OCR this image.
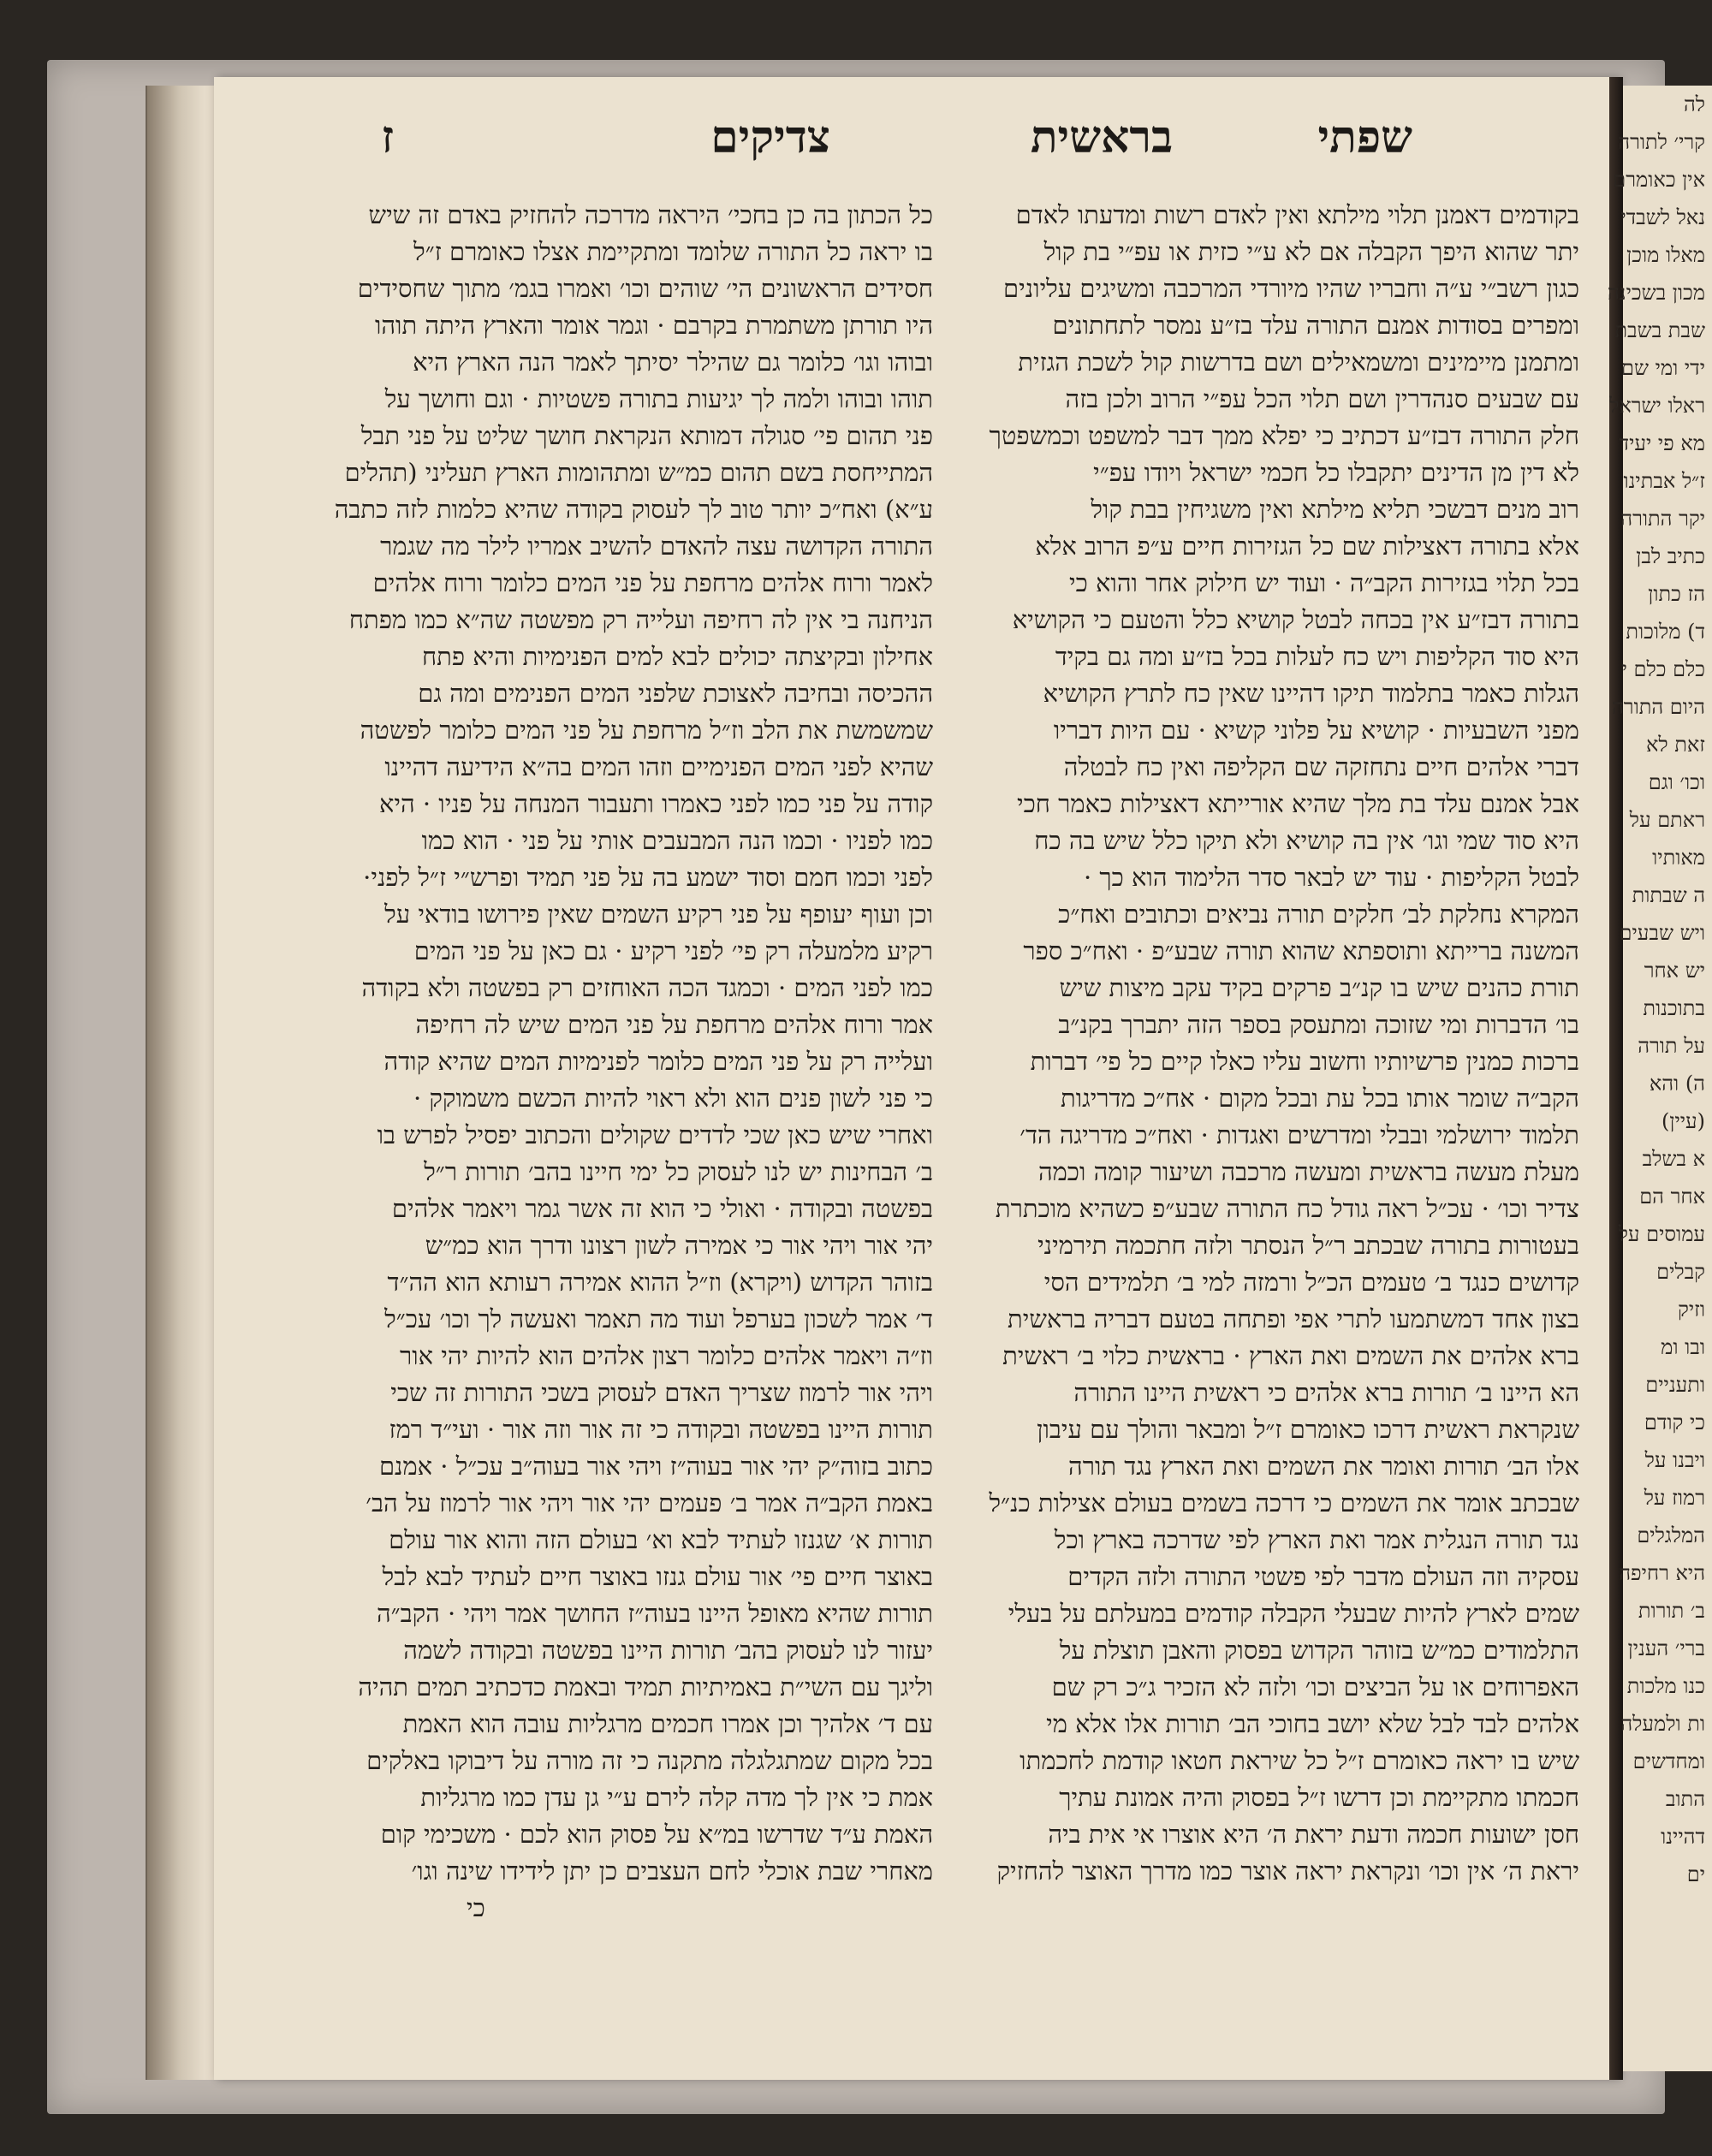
שפתי
בראשית
צדיקים
ז
בקודמים דאמנן תלוי מילתא ואין לאדם רשות ומדעתו לאדם
יתר שהוא היפך הקבלה אם לא ע״י כזית או עפ״י בת קול
כגון רשב״י ע״ה וחבריו שהיו מיורדי המרכבה ומשיגים עליונים
ומפרים בסודות אמנם התורה עלד בז״ע נמסר לתחתונים
ומתמנן מיימינים ומשמאילים ושם בדרשות קול לשכת הגזית
עם שבעים סנהדרין ושם תלוי הכל עפ״י הרוב ולכן בזה
חלק התורה דבז״ע דכתיב כי יפלא ממך דבר למשפט וכמשפטך
לא דין מן הדינים יתקבלו כל חכמי ישראל ויודו עפ״י
רוב מנים דבשכי תליא מילתא ואין משגיחין בבת קול
אלא בתורה דאצילות שם כל הגזירות חיים ע״פ הרוב אלא
בכל תלוי בגזירות הקב״ה · ועוד יש חילוק אחר והוא כי
בתורה דבז״ע אין בכחה לבטל קושיא כלל והטעם כי הקושיא
היא סוד הקליפות ויש כח לעלות בכל בז״ע ומה גם בקיד
הגלות כאמר בתלמוד תיקו דהיינו שאין כח לתרץ הקושיא
מפני השבעיות · קושיא על פלוני קשיא · עם היות דבריו
דברי אלהים חיים נתחזקה שם הקליפה ואין כח לבטלה
אבל אמנם עלד בת מלך שהיא אורייתא דאצילות כאמר חכי
היא סוד שמי וגו׳ אין בה קושיא ולא תיקו כלל שיש בה כח
לבטל הקליפות · עוד יש לבאר סדר הלימוד הוא כך ·
המקרא נחלקת לב׳ חלקים תורה נביאים וכתובים ואח״כ
המשנה ברייתא ותוספתא שהוא תורה שבע״פ · ואח״כ ספר
תורת כהנים שיש בו קנ״ב פרקים בקיד עקב מיצות שיש
בו׳ הדברות ומי שזוכה ומתעסק בספר הזה יתברך בקנ״ב
ברכות כמנין פרשיותיו וחשוב עליו כאלו קיים כל פי׳ דברות
הקב״ה שומר אותו בכל עת ובכל מקום · אח״כ מדריגות
תלמוד ירושלמי ובבלי ומדרשים ואגדות · ואח״כ מדריגה הד׳
מעלת מעשה בראשית ומעשה מרכבה ושיעור קומה וכמה
צדיר וכו׳ · עכ״ל ראה גודל כח התורה שבע״פ כשהיא מוכתרת
בעטורות בתורה שבכתב ר״ל הנסתר ולזה חתכמה תירמיני
קדושים כנגד ב׳ טעמים הכ״ל ורמזה למי ב׳ תלמידים הסי
בצון אחד דמשתמעו לתרי אפי ופתחה בטעם דבריה בראשית
ברא אלהים את השמים ואת הארץ · בראשית כלוי ב׳ ראשית
הא היינו ב׳ תורות ברא אלהים כי ראשית היינו התורה
שנקראת ראשית דרכו כאומרם ז״ל ומבאר והולך עם עיבון
אלו הב׳ תורות ואומר את השמים ואת הארץ נגד תורה
שבכתב אומר את השמים כי דרכה בשמים בעולם אצילות כנ״ל
נגד תורה הנגלית אמר ואת הארץ לפי שדרכה בארץ וכל
עסקיה וזה העולם מדבר לפי פשטי התורה ולזה הקדים
שמים לארץ להיות שבעלי הקבלה קודמים במעלתם על בעלי
התלמודים כמ״ש בזוהר הקדוש בפסוק והאבן תוצלת על
האפרוחים או על הביצים וכו׳ ולזה לא הזכיר ג״כ רק שם
אלהים לבד לבל שלא יושב בחוכי הב׳ תורות אלו אלא מי
שיש בו יראה כאומרם ז״ל כל שיראת חטאו קודמת לחכמתו
חכמתו מתקיימת וכן דרשו ז״ל בפסוק והיה אמונת עתיך
חסן ישועות חכמה ודעת יראת ה׳ היא אוצרו אי אית ביה
יראת ה׳ אין וכו׳ ונקראת יראה אוצר כמו מדרך האוצר להחזיק
כל הכתון בה כן בחכי׳ היראה מדרכה להחזיק באדם זה שיש
בו יראה כל התורה שלומד ומתקיימת אצלו כאומרם ז״ל
חסידים הראשונים הי׳ שוהים וכו׳ ואמרו בגמ׳ מתוך שחסידים
היו תורתן משתמרת בקרבם · וגמר אומר והארץ היתה תוהו
ובוהו וגו׳ כלומר גם שהילר יסיתך לאמר הנה הארץ היא
תוהו ובוהו ולמה לך יגיעות בתורה פשטיות · וגם וחושך על
פני תהום פי׳ סגולה דמותא הנקראת חושך שליט על פני תבל
המתייחסת בשם תהום כמ״ש ומתהומות הארץ תעליני (תהלים
ע״א) ואח״כ יותר טוב לך לעסוק בקודה שהיא כלמות לזה כתבה
התורה הקדושה עצה להאדם להשיב אמריו לילר מה שגמר
לאמר ורוח אלהים מרחפת על פני המים כלומר ורוח אלהים
הניחנה בי אין לה רחיפה ועלייה רק מפשטה שה״א כמו מפתח
אחילון ובקיצתה יכולים לבא למים הפנימיות והיא פתח
ההכיסה ובחיבה לאצוכת שלפני המים הפנימים ומה גם
שמשמשת את הלב וז״ל מרחפת על פני המים כלומר לפשטה
שהיא לפני המים הפנימיים וזהו המים בה״א הידיעה דהיינו
קודה על פני כמו לפני כאמרו ותעבור המנחה על פניו · היא
כמו לפניו · וכמו הנה המבעבים אותי על פני · הוא כמו
לפני וכמו חמם וסוד ישמע בה על פני תמיד ופרש״י ז״ל לפני·
וכן ועוף יעופף על פני רקיע השמים שאין פירושו בודאי על
רקיע מלמעלה רק פי׳ לפני רקיע · גם כאן על פני המים
כמו לפני המים · וכמגד הכה האוחזים רק בפשטה ולא בקודה
אמר ורוח אלהים מרחפת על פני המים שיש לה רחיפה
ועלייה רק על פני המים כלומר לפנימיות המים שהיא קודה
כי פני לשון פנים הוא ולא ראוי להיות הכשם משמוקק ·
ואחרי שיש כאן שכי לדדים שקולים והכתוב יפסיל לפרש בו
ב׳ הבחינות יש לנו לעסוק כל ימי חיינו בהב׳ תורות ר״ל
בפשטה ובקודה · ואולי כי הוא זה אשר גמר ויאמר אלהים
יהי אור ויהי אור כי אמירה לשון רצונו ודרך הוא כמ״ש
בזוהר הקדוש (ויקרא) וז״ל ההוא אמירה רעותא הוא הה״ד
ד׳ אמר לשכון בערפל ועוד מה תאמר ואעשה לך וכו׳ עכ״ל
וז״ה ויאמר אלהים כלומר רצון אלהים הוא להיות יהי אור
ויהי אור לרמוז שצריך האדם לעסוק בשכי התורות זה שכי
תורות היינו בפשטה ובקודה כי זה אור וזה אור · ועי״ד רמז
כתוב בזוה״ק יהי אור בעוה״ז ויהי אור בעוה״ב עכ״ל · אמנם
באמת הקב״ה אמר ב׳ פעמים יהי אור ויהי אור לרמוז על הב׳
תורות א׳ שגנזו לעתיד לבא וא׳ בעולם הזה והוא אור עולם
באוצר חיים פי׳ אור עולם גנזו באוצר חיים לעתיד לבא לבל
תורות שהיא מאופל היינו בעוה״ז החושך אמר ויהי · הקב״ה
יעזור לנו לעסוק בהב׳ תורות היינו בפשטה ובקודה לשמה
וליגך עם השי״ת באמיתיות תמיד ובאמת כדכתיב תמים תהיה
עם ד׳ אלהיך וכן אמרו חכמים מרגליות עובה הוא האמת
בכל מקום שמתגלגלה מתקנה כי זה מורה על דיבוקו באלקים
אמת כי אין לך מדה קלה לירם ע״י גן עדן כמו מרגליות
האמת ע״ד שדרשו במ״א על פסוק הוא לכם · משכימי קום
מאחרי שבת אוכלי לחם העצבים כן יתן לידידו שינה וגו׳
כי
לה
קרי׳ לתורה
אין כאומרם
נאל לשבדי
מאלו מוכן
מכון בשכינה
שבת בשבת
ידי ומי שם
ראלו ישראל
מא פי יעיד
ז״ל אבתינו
יקר התורה
כתיב לבן
הז כתון
ד) מלוכות
כלם כלם י
היום התורה
זאת לא
וכו׳ וגם
ראתם על
מאותיו
ה שבתות
ויש שבעים
יש אחר
בתוכנות
על תורה
ה) והא
(עיין)
א בשלב
אחר הם
עמוסים על
קבלים
וזיק
ובו ומ
ותעניים
כי קודם
ויבנו על
רמוז על
המלגלים
היא רחיפה
ב׳ תורות
ברי׳ הענין
כנו מלכות
ות ולמעלה
ומחדשים
התוב
דהיינו
ים
